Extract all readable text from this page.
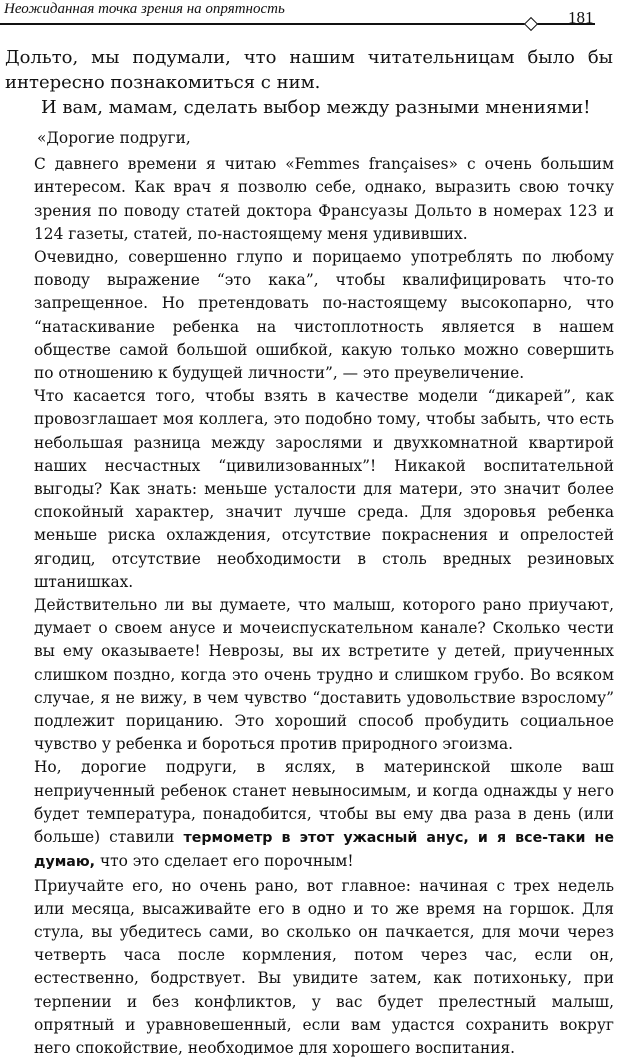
Неожиданная точка зрения на опрятность	181

Дольто, мы подумали, что нашим читательницам было бы интересно познакомиться с ним.

И вам, мамам, сделать выбор между разными мнениями!

«Дорогие подруги,

С давнего времени я читаю «Femmes françaises» с очень большим интересом. Как врач я позволю себе, однако, выразить свою точку зрения по поводу статей доктора Франсуазы Дольто в номерах 123 и 124 газеты, статей, по-настоящему меня удививших.

Очевидно, совершенно глупо и порицаемо употреблять по любому поводу выражение “это кака”, чтобы квалифицировать что-то запрещенное. Но претендовать по-настоящему высокопарно, что “натаскивание ребенка на чистоплотность является в нашем обществе самой большой ошибкой, какую только можно совершить по отношению к будущей личности”, — это преувеличение.

Что касается того, чтобы взять в качестве модели “дикарей”, как провозглашает моя коллега, это подобно тому, чтобы забыть, что есть небольшая разница между зарослями и двухкомнатной квартирой наших несчастных “цивилизованных”! Никакой воспитательной выгоды? Как знать: меньше усталости для матери, это значит более спокойный характер, значит лучше среда. Для здоровья ребенка меньше риска охлаждения, отсутствие покраснения и опрелостей ягодиц, отсутствие необходимости в столь вредных резиновых штанишках.

Действительно ли вы думаете, что малыш, которого рано приучают, думает о своем анусе и мочеиспускательном канале? Сколько чести вы ему оказываете! Неврозы, вы их встретите у детей, приученных слишком поздно, когда это очень трудно и слишком грубо. Во всяком случае, я не вижу, в чем чувство “доставить удовольствие взрослому” подлежит порицанию. Это хороший способ пробудить социальное чувство у ребенка и бороться против природного эгоизма.

Но, дорогие подруги, в яслях, в материнской школе ваш неприученный ребенок станет невыносимым, и когда однажды у него будет температура, понадобится, чтобы вы ему два раза в день (или больше) ставили термометр в этот ужасный анус, и я все-таки не думаю, что это сделает его порочным!

Приучайте его, но очень рано, вот главное: начиная с трех недель или месяца, высаживайте его в одно и то же время на горшок. Для стула, вы убедитесь сами, во сколько он пачкается, для мочи через четверть часа после кормления, потом через час, если он, естественно, бодрствует. Вы увидите затем, как потихоньку, при терпении и без конфликтов, у вас будет прелестный малыш, опрятный и уравновешенный, если вам удастся сохранить вокруг него спокойствие, необходимое для хорошего воспитания.
